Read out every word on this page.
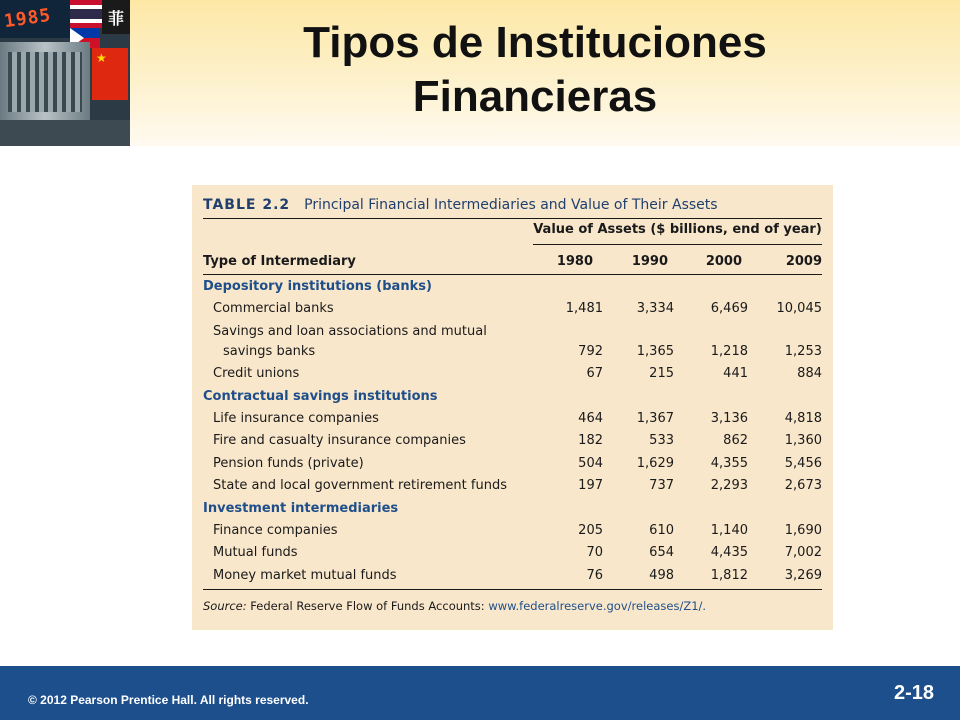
1985	菲
★	Tipos de Instituciones
Financieras
TABLE 2.2 Principal Financial Intermediaries and Value of Their Assets
Value of Assets ($ billions, end of year)
Type of Intermediary	1980	1990	2000	2009
Depository institutions (banks)
Commercial banks	1,481	3,334	6,469	10,045
Savings and loan associations and mutual
savings banks	792	1,365	1,218	1,253
Credit unions	67	215	441	884
Contractual savings institutions
Life insurance companies	464	1,367	3,136	4,818
Fire and casualty insurance companies	182	533	862	1,360
Pension funds (private)	504	1,629	4,355	5,456
State and local government retirement funds	197	737	2,293	2,673
Investment intermediaries
Finance companies	205	610	1,140	1,690
Mutual funds	70	654	4,435	7,002
Money market mutual funds	76	498	1,812	3,269
Source: Federal Reserve Flow of Funds Accounts: www.federalreserve.gov/releases/Z1/.
© 2012 Pearson Prentice Hall. All rights reserved.	2-18
